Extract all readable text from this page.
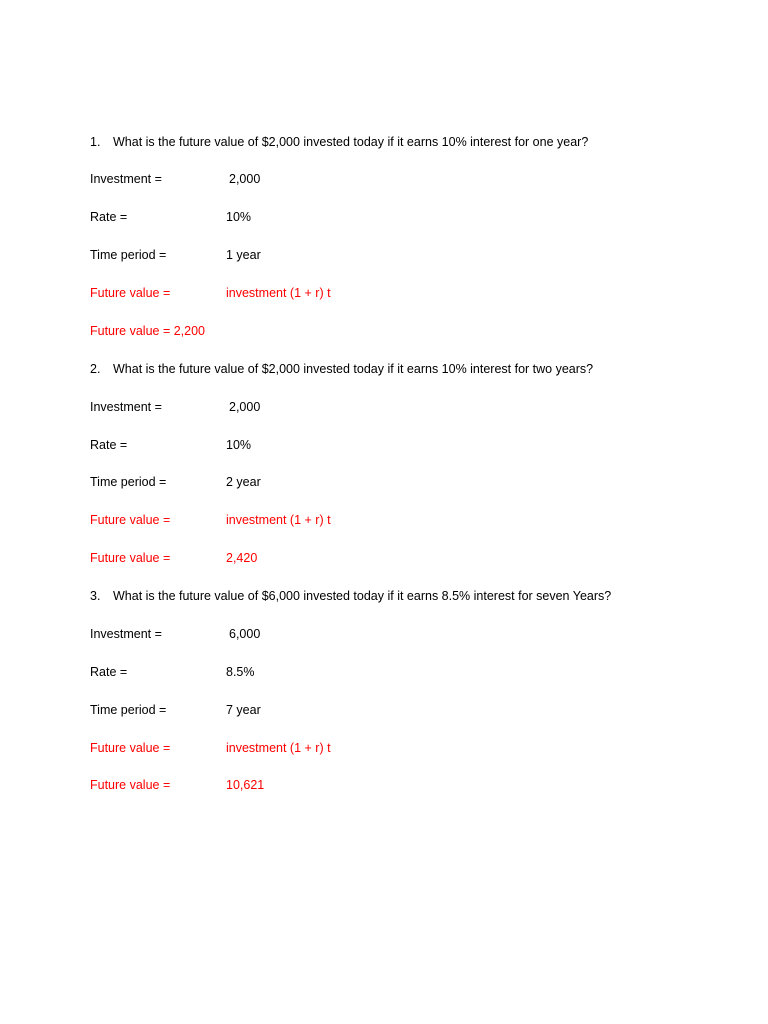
1. What is the future value of $2,000 invested today if it earns 10% interest for one year?
Investment =	2,000
Rate =	10%
Time period =	1 year
Future value =	investment (1 + r) t
Future value = 2,200
2. What is the future value of $2,000 invested today if it earns 10% interest for two years?
Investment =	2,000
Rate =	10%
Time period =	2 year
Future value =	investment (1 + r) t
Future value =	2,420
3. What is the future value of $6,000 invested today if it earns 8.5% interest for seven Years?
Investment =	6,000
Rate =	8.5%
Time period =	7 year
Future value =	investment (1 + r) t
Future value =	10,621
